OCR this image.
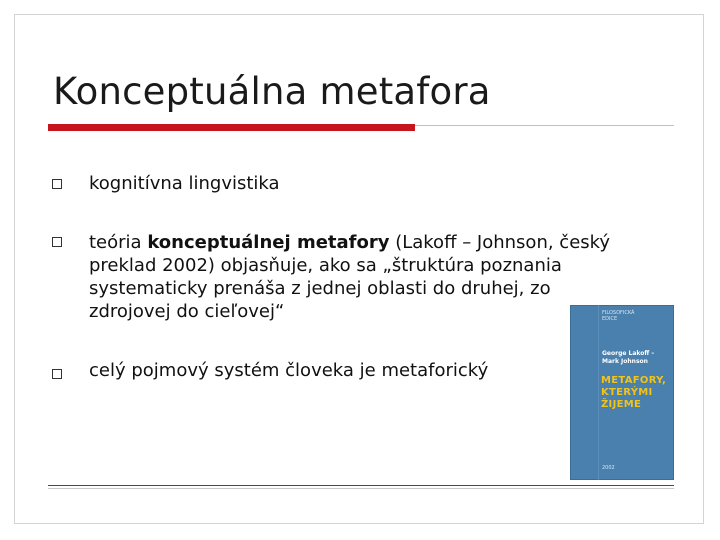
Konceptuálna metafora
kognitívna lingvistika
teória konceptuálnej metafory (Lakoff – Johnson, český preklad 2002) objasňuje, ako sa „štruktúra poznania systematicky prenáša z jednej oblasti do druhej, zo zdrojovej do cieľovej“
celý pojmový systém človeka je metaforický
FILOSOFICKÁ
EDICE
George Lakoff –
Mark Johnson
METAFORY,
KTERÝMI
ŽIJEME
2002
